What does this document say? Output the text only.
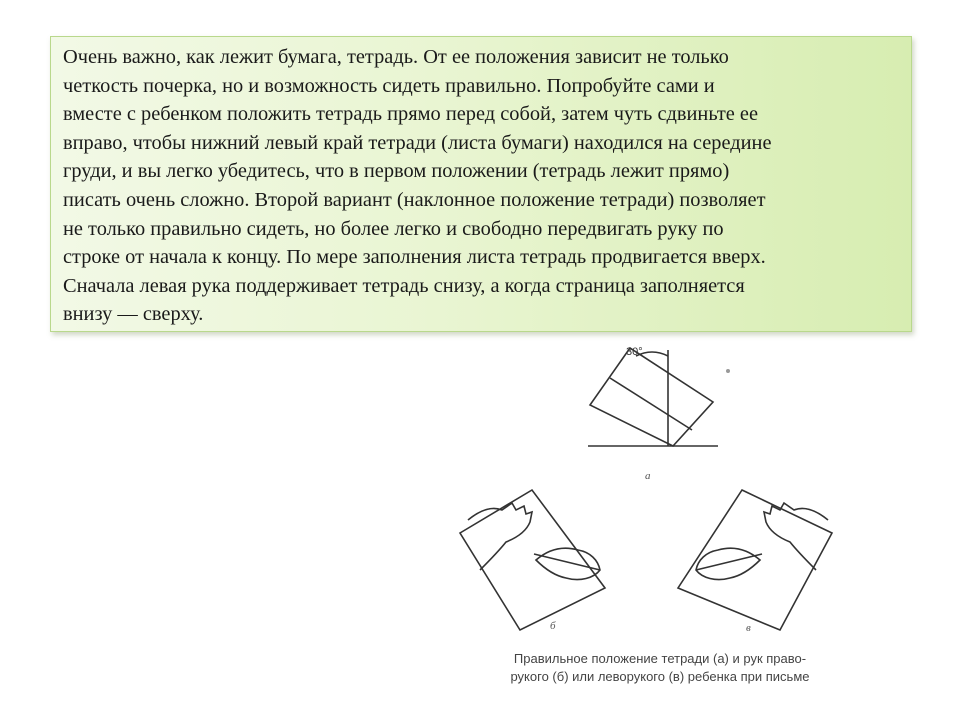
Очень важно, как лежит бумага, тетрадь. От ее положения зависит не только
четкость почерка, но и возможность сидеть правильно. Попробуйте сами и
вместе с ребенком положить тетрадь прямо перед собой, затем чуть сдвиньте ее
вправо, чтобы нижний левый край тетради (листа бумаги) находился на середине
груди, и вы легко убедитесь, что в первом положении (тетрадь лежит прямо)
писать очень сложно. Второй вариант (наклонное положение тетради) позволяет
не только правильно сидеть, но более легко и свободно передвигать руку по
строке от начала к концу. По мере заполнения листа тетрадь продвигается вверх.
Сначала левая рука поддерживает тетрадь снизу, а когда страница заполняется
внизу — сверху.

30°
а
б	в
Правильное положение тетради (а) и рук право-
рукого (б) или леворукого (в) ребенка при письме
